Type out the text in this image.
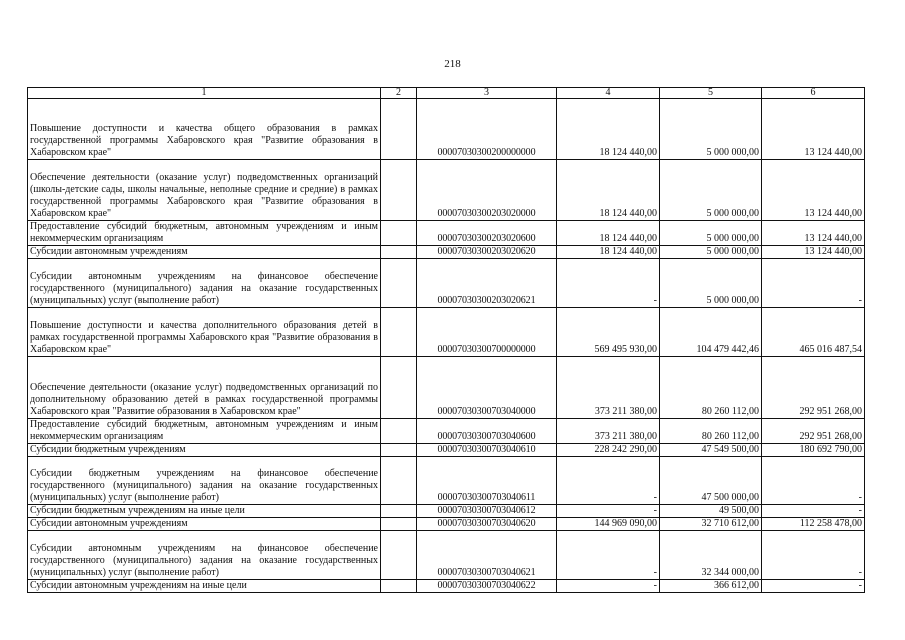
218
1	2	3	4	5	6
Повышение доступности и качества общего образования в рамках государственной программы Хабаровского края "Развитие образования в Хабаровском крае"		00007030300200000000	18 124 440,00	5 000 000,00	13 124 440,00
Обеспечение деятельности (оказание услуг) подведомственных организаций (школы-детские сады, школы начальные, неполные средние и средние) в рамках государственной программы Хабаровского края "Развитие образования в Хабаровском крае"		00007030300203020000	18 124 440,00	5 000 000,00	13 124 440,00
Предоставление субсидий бюджетным, автономным учреждениям и иным некоммерческим организациям		00007030300203020600	18 124 440,00	5 000 000,00	13 124 440,00
Субсидии автономным учреждениям		00007030300203020620	18 124 440,00	5 000 000,00	13 124 440,00
Субсидии автономным учреждениям на финансовое обеспечение государственного (муниципального) задания на оказание государственных (муниципальных) услуг (выполнение работ)		00007030300203020621	-	5 000 000,00	-
Повышение доступности и качества дополнительного образования детей в рамках государственной программы Хабаровского края "Развитие образования в Хабаровском крае"		00007030300700000000	569 495 930,00	104 479 442,46	465 016 487,54
Обеспечение деятельности (оказание услуг) подведомственных организаций по дополнительному образованию детей в рамках государственной программы Хабаровского края "Развитие образования в Хабаровском крае"		00007030300703040000	373 211 380,00	80 260 112,00	292 951 268,00
Предоставление субсидий бюджетным, автономным учреждениям и иным некоммерческим организациям		00007030300703040600	373 211 380,00	80 260 112,00	292 951 268,00
Субсидии бюджетным учреждениям		00007030300703040610	228 242 290,00	47 549 500,00	180 692 790,00
Субсидии бюджетным учреждениям на финансовое обеспечение государственного (муниципального) задания на оказание государственных (муниципальных) услуг (выполнение работ)		00007030300703040611	-	47 500 000,00	-
Субсидии бюджетным учреждениям на иные цели		00007030300703040612	-	49 500,00	-
Субсидии автономным учреждениям		00007030300703040620	144 969 090,00	32 710 612,00	112 258 478,00
Субсидии автономным учреждениям на финансовое обеспечение государственного (муниципального) задания на оказание государственных (муниципальных) услуг (выполнение работ)		00007030300703040621	-	32 344 000,00	-
Субсидии автономным учреждениям на иные цели		00007030300703040622	-	366 612,00	-
